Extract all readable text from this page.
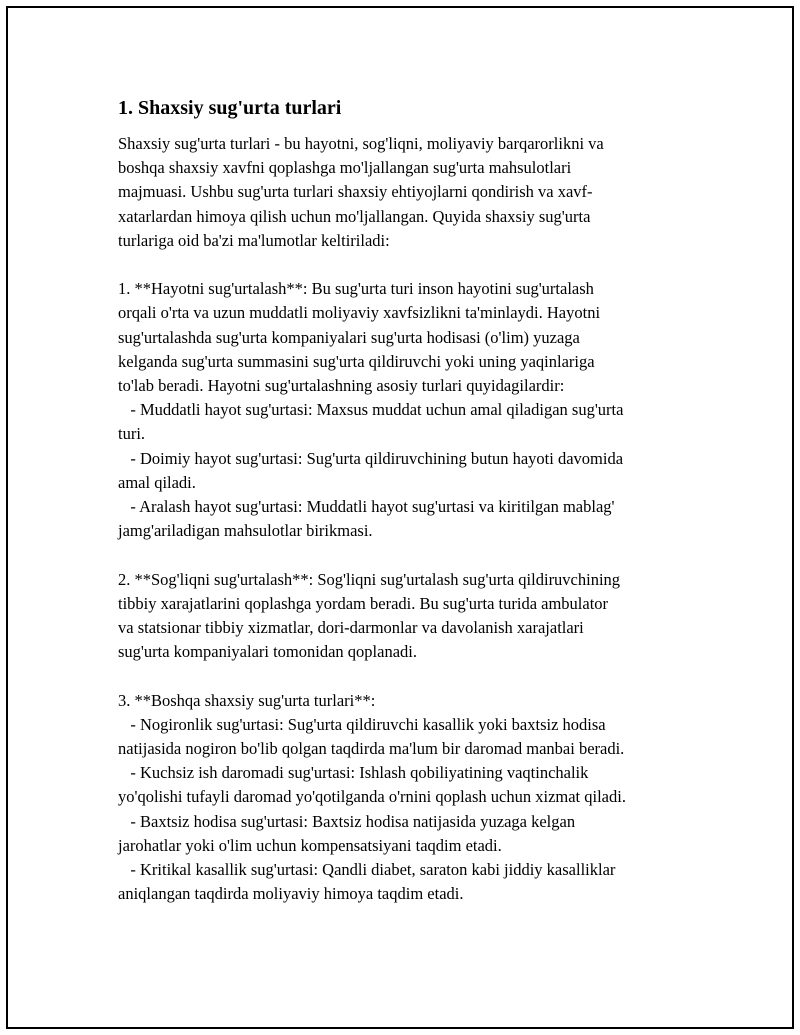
1. Shaxsiy sug'urta turlari

Shaxsiy sug'urta turlari - bu hayotni, sog'liqni, moliyaviy barqarorlikni va
boshqa shaxsiy xavfni qoplashga mo'ljallangan sug'urta mahsulotlari
majmuasi. Ushbu sug'urta turlari shaxsiy ehtiyojlarni qondirish va xavf-
xatarlardan himoya qilish uchun mo'ljallangan. Quyida shaxsiy sug'urta
turlariga oid ba'zi ma'lumotlar keltiriladi:

1. **Hayotni sug'urtalash**: Bu sug'urta turi inson hayotini sug'urtalash
orqali o'rta va uzun muddatli moliyaviy xavfsizlikni ta'minlaydi. Hayotni
sug'urtalashda sug'urta kompaniyalari sug'urta hodisasi (o'lim) yuzaga
kelganda sug'urta summasini sug'urta qildiruvchi yoki uning yaqinlariga
to'lab beradi. Hayotni sug'urtalashning asosiy turlari quyidagilardir:
- Muddatli hayot sug'urtasi: Maxsus muddat uchun amal qiladigan sug'urta
turi.
- Doimiy hayot sug'urtasi: Sug'urta qildiruvchining butun hayoti davomida
amal qiladi.
- Aralash hayot sug'urtasi: Muddatli hayot sug'urtasi va kiritilgan mablag'
jamg'ariladigan mahsulotlar birikmasi.

2. **Sog'liqni sug'urtalash**: Sog'liqni sug'urtalash sug'urta qildiruvchining
tibbiy xarajatlarini qoplashga yordam beradi. Bu sug'urta turida ambulator
va statsionar tibbiy xizmatlar, dori-darmonlar va davolanish xarajatlari
sug'urta kompaniyalari tomonidan qoplanadi.

3. **Boshqa shaxsiy sug'urta turlari**:
- Nogironlik sug'urtasi: Sug'urta qildiruvchi kasallik yoki baxtsiz hodisa
natijasida nogiron bo'lib qolgan taqdirda ma'lum bir daromad manbai beradi.
- Kuchsiz ish daromadi sug'urtasi: Ishlash qobiliyatining vaqtinchalik
yo'qolishi tufayli daromad yo'qotilganda o'rnini qoplash uchun xizmat qiladi.
- Baxtsiz hodisa sug'urtasi: Baxtsiz hodisa natijasida yuzaga kelgan
jarohatlar yoki o'lim uchun kompensatsiyani taqdim etadi.
- Kritikal kasallik sug'urtasi: Qandli diabet, saraton kabi jiddiy kasalliklar
aniqlangan taqdirda moliyaviy himoya taqdim etadi.
